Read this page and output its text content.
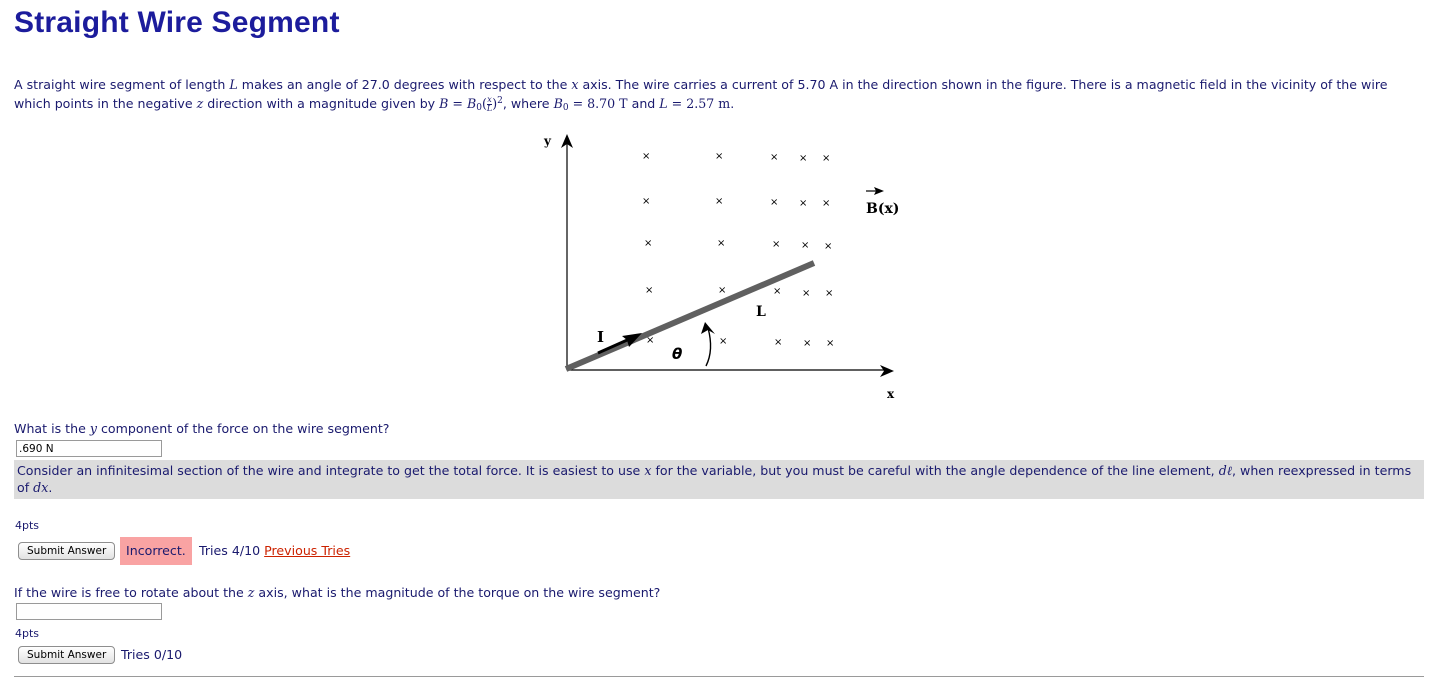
Straight Wire Segment
A straight wire segment of length L makes an angle of 27.0 degrees with respect to the x axis. The wire carries a current of 5.70 A in the direction shown in the figure. There is a magnetic field in the vicinity of the wire which points in the negative z direction with a magnitude given by $B = B_0( \frac{x}{L} )^2$, where $B_0 = 8.70$ T and L = 2.57 m.
y
x
×	×	× × ×
×	×	× × ×
×	×	× × ×
×	×	× × ×
×	×	× × ×
I
L
θ
B(x)
What is the y component of the force on the wire segment?
.690 N
Consider an infinitesimal section of the wire and integrate to get the total force. It is easiest to use x for the variable, but you must be careful with the angle dependence of the line element, dℓ, when reexpressed in terms of dx.
4pts
Submit Answer	Incorrect.	Tries 4/10 Previous Tries
If the wire is free to rotate about the z axis, what is the magnitude of the torque on the wire segment?
4pts
Submit Answer	Tries 0/10
